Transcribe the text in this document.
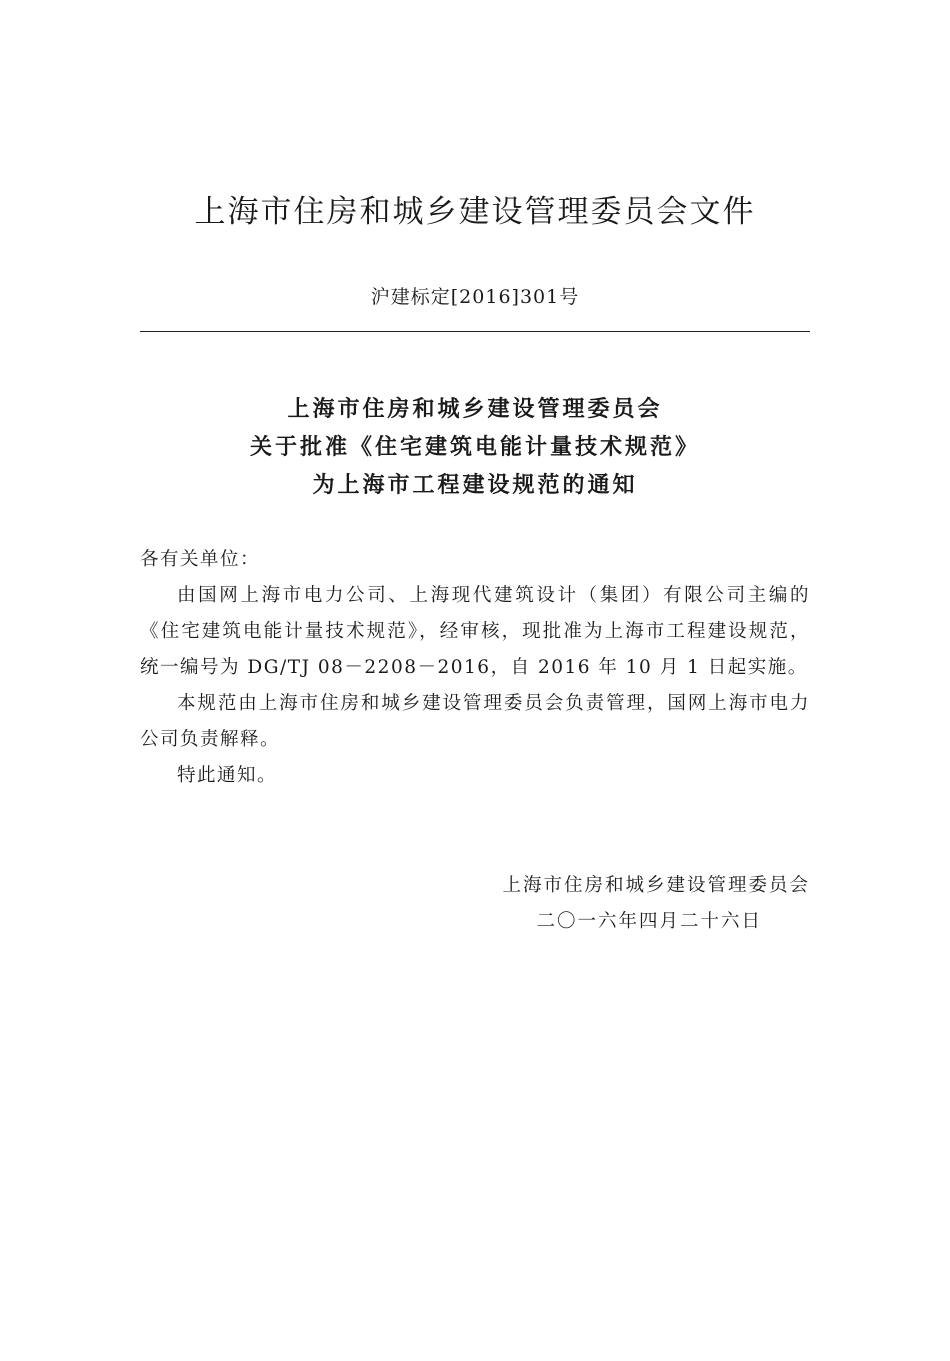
上海市住房和城乡建设管理委员会文件
沪建标定[2016]301号
上海市住房和城乡建设管理委员会
关于批准《住宅建筑电能计量技术规范》
为上海市工程建设规范的通知

各有关单位：

由国网上海市电力公司、上海现代建筑设计（集团）有限公司主编的《住宅建筑电能计量技术规范》，经审核，现批准为上海市工程建设规范，统一编号为 DG/TJ 08－2208－2016，自 2016 年 10 月 1 日起实施。

本规范由上海市住房和城乡建设管理委员会负责管理，国网上海市电力公司负责解释。

特此通知。

上海市住房和城乡建设管理委员会
二〇一六年四月二十六日
